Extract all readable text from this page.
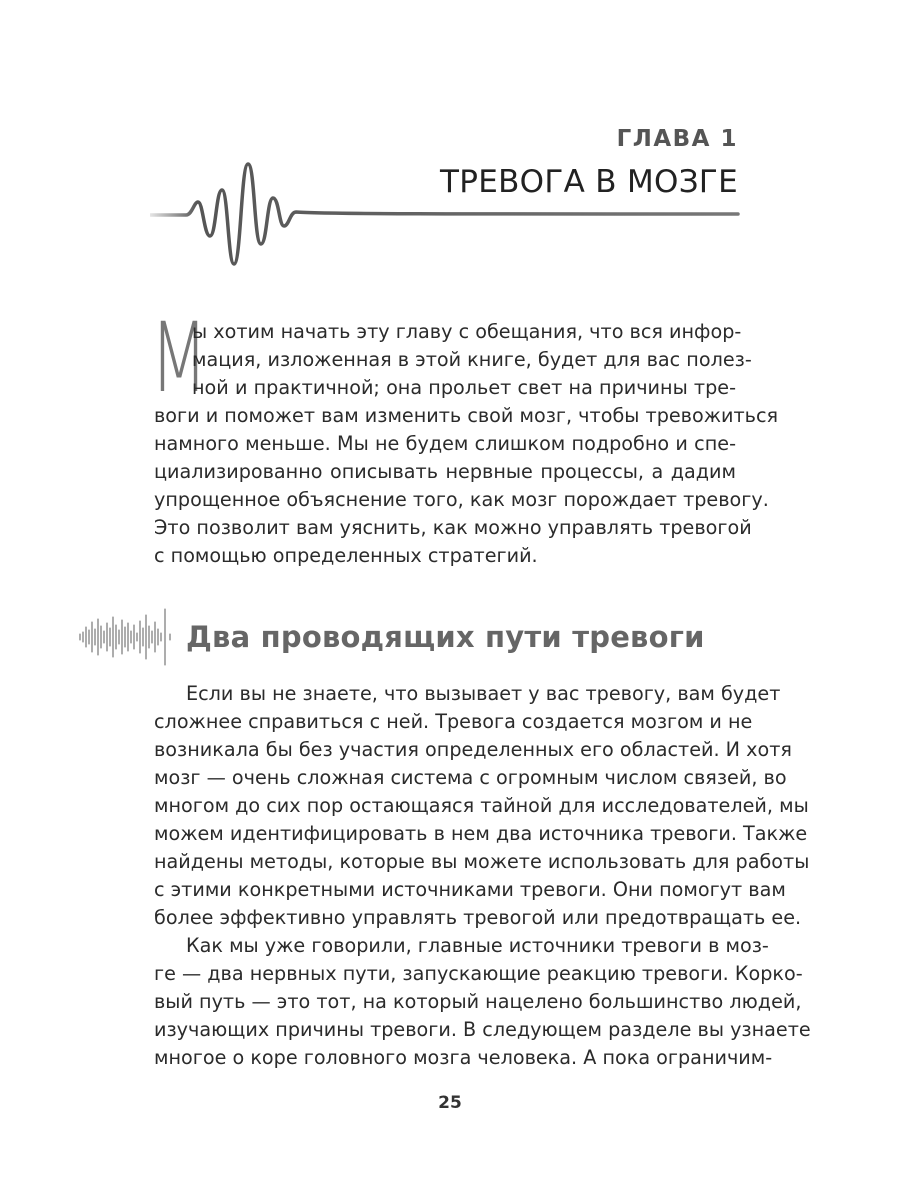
ГЛАВА 1
ТРЕВОГА В МОЗГЕ
М
ы хотим начать эту главу с обещания, что вся инфор-
мация, изложенная в этой книге, будет для вас полез-
ной и практичной; она прольет свет на причины тре-
воги и поможет вам изменить свой мозг, чтобы тревожиться
намного меньше. Мы не будем слишком подробно и спе-
циализированно описывать нервные процессы, а дадим
упрощенное объяснение того, как мозг порождает тревогу.
Это позволит вам уяснить, как можно управлять тревогой
с помощью определенных стратегий.
Два проводящих пути тревоги
Если вы не знаете, что вызывает у вас тревогу, вам будет
сложнее справиться с ней. Тревога создается мозгом и не
возникала бы без участия определенных его областей. И хотя
мозг — очень сложная система с огромным числом связей, во
многом до сих пор остающаяся тайной для исследователей, мы
можем идентифицировать в нем два источника тревоги. Также
найдены методы, которые вы можете использовать для работы
с этими конкретными источниками тревоги. Они помогут вам
более эффективно управлять тревогой или предотвращать ее.
Как мы уже говорили, главные источники тревоги в моз-
ге — два нервных пути, запускающие реакцию тревоги. Корко-
вый путь — это тот, на который нацелено большинство людей,
изучающих причины тревоги. В следующем разделе вы узнаете
многое о коре головного мозга человека. А пока ограничим-
25
